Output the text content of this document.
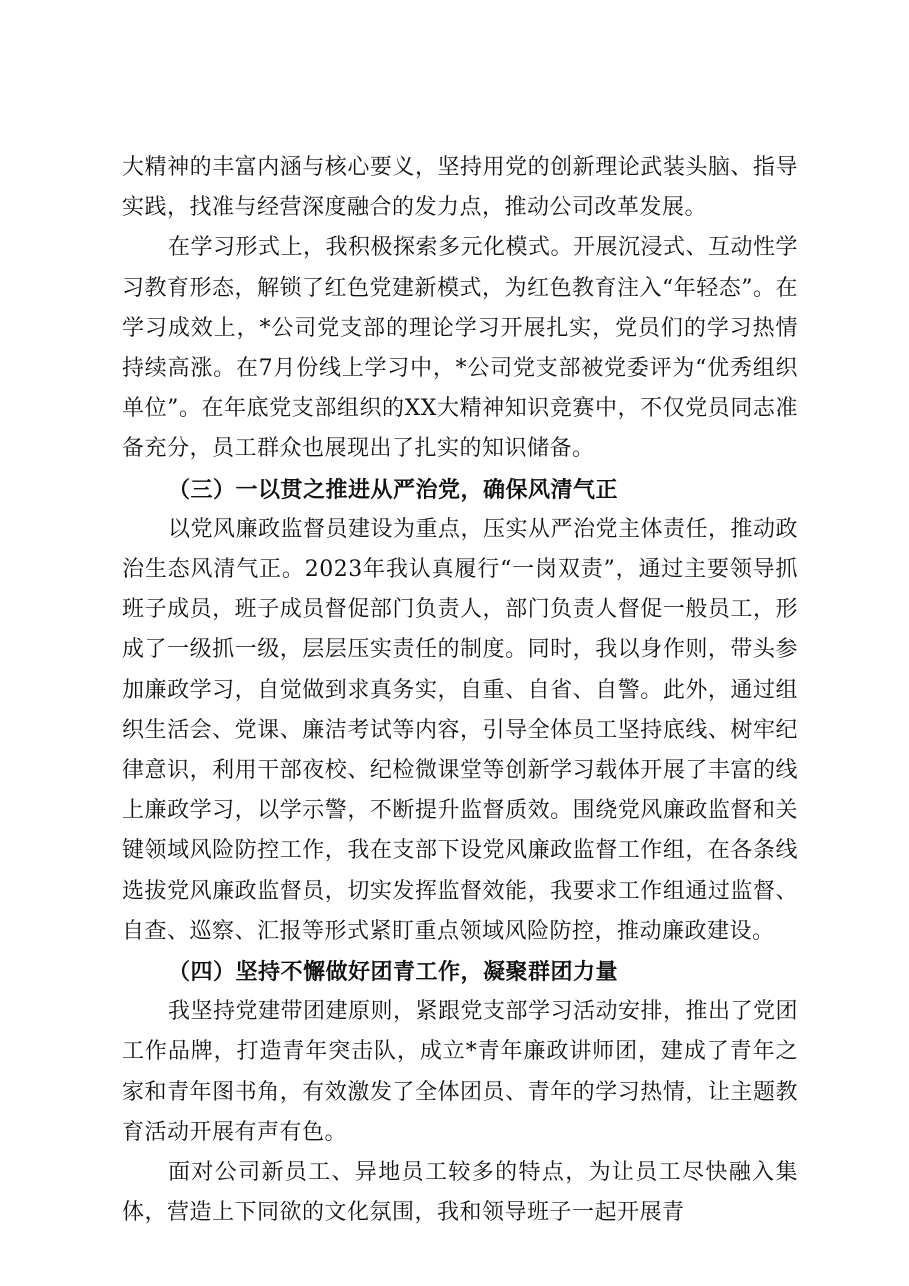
大精神的丰富内涵与核心要义，坚持用党的创新理论武装头脑、指导实践，找准与经营深度融合的发力点，推动公司改革发展。

在学习形式上，我积极探索多元化模式。开展沉浸式、互动性学习教育形态，解锁了红色党建新模式，为红色教育注入“年轻态”。在学习成效上，*公司党支部的理论学习开展扎实，党员们的学习热情持续高涨。在7月份线上学习中，*公司党支部被党委评为“优秀组织单位”。在年底党支部组织的XX大精神知识竞赛中，不仅党员同志准备充分，员工群众也展现出了扎实的知识储备。

（三）一以贯之推进从严治党，确保风清气正

以党风廉政监督员建设为重点，压实从严治党主体责任，推动政治生态风清气正。2023年我认真履行“一岗双责”，通过主要领导抓班子成员，班子成员督促部门负责人，部门负责人督促一般员工，形成了一级抓一级，层层压实责任的制度。同时，我以身作则，带头参加廉政学习，自觉做到求真务实，自重、自省、自警。此外，通过组织生活会、党课、廉洁考试等内容，引导全体员工坚持底线、树牢纪律意识，利用干部夜校、纪检微课堂等创新学习载体开展了丰富的线上廉政学习，以学示警，不断提升监督质效。围绕党风廉政监督和关键领域风险防控工作，我在支部下设党风廉政监督工作组，在各条线选拔党风廉政监督员，切实发挥监督效能，我要求工作组通过监督、自查、巡察、汇报等形式紧盯重点领域风险防控，推动廉政建设。

（四）坚持不懈做好团青工作，凝聚群团力量

我坚持党建带团建原则，紧跟党支部学习活动安排，推出了党团工作品牌，打造青年突击队，成立*青年廉政讲师团，建成了青年之家和青年图书角，有效激发了全体团员、青年的学习热情，让主题教育活动开展有声有色。

面对公司新员工、异地员工较多的特点，为让员工尽快融入集体，营造上下同欲的文化氛围，我和领导班子一起开展青
